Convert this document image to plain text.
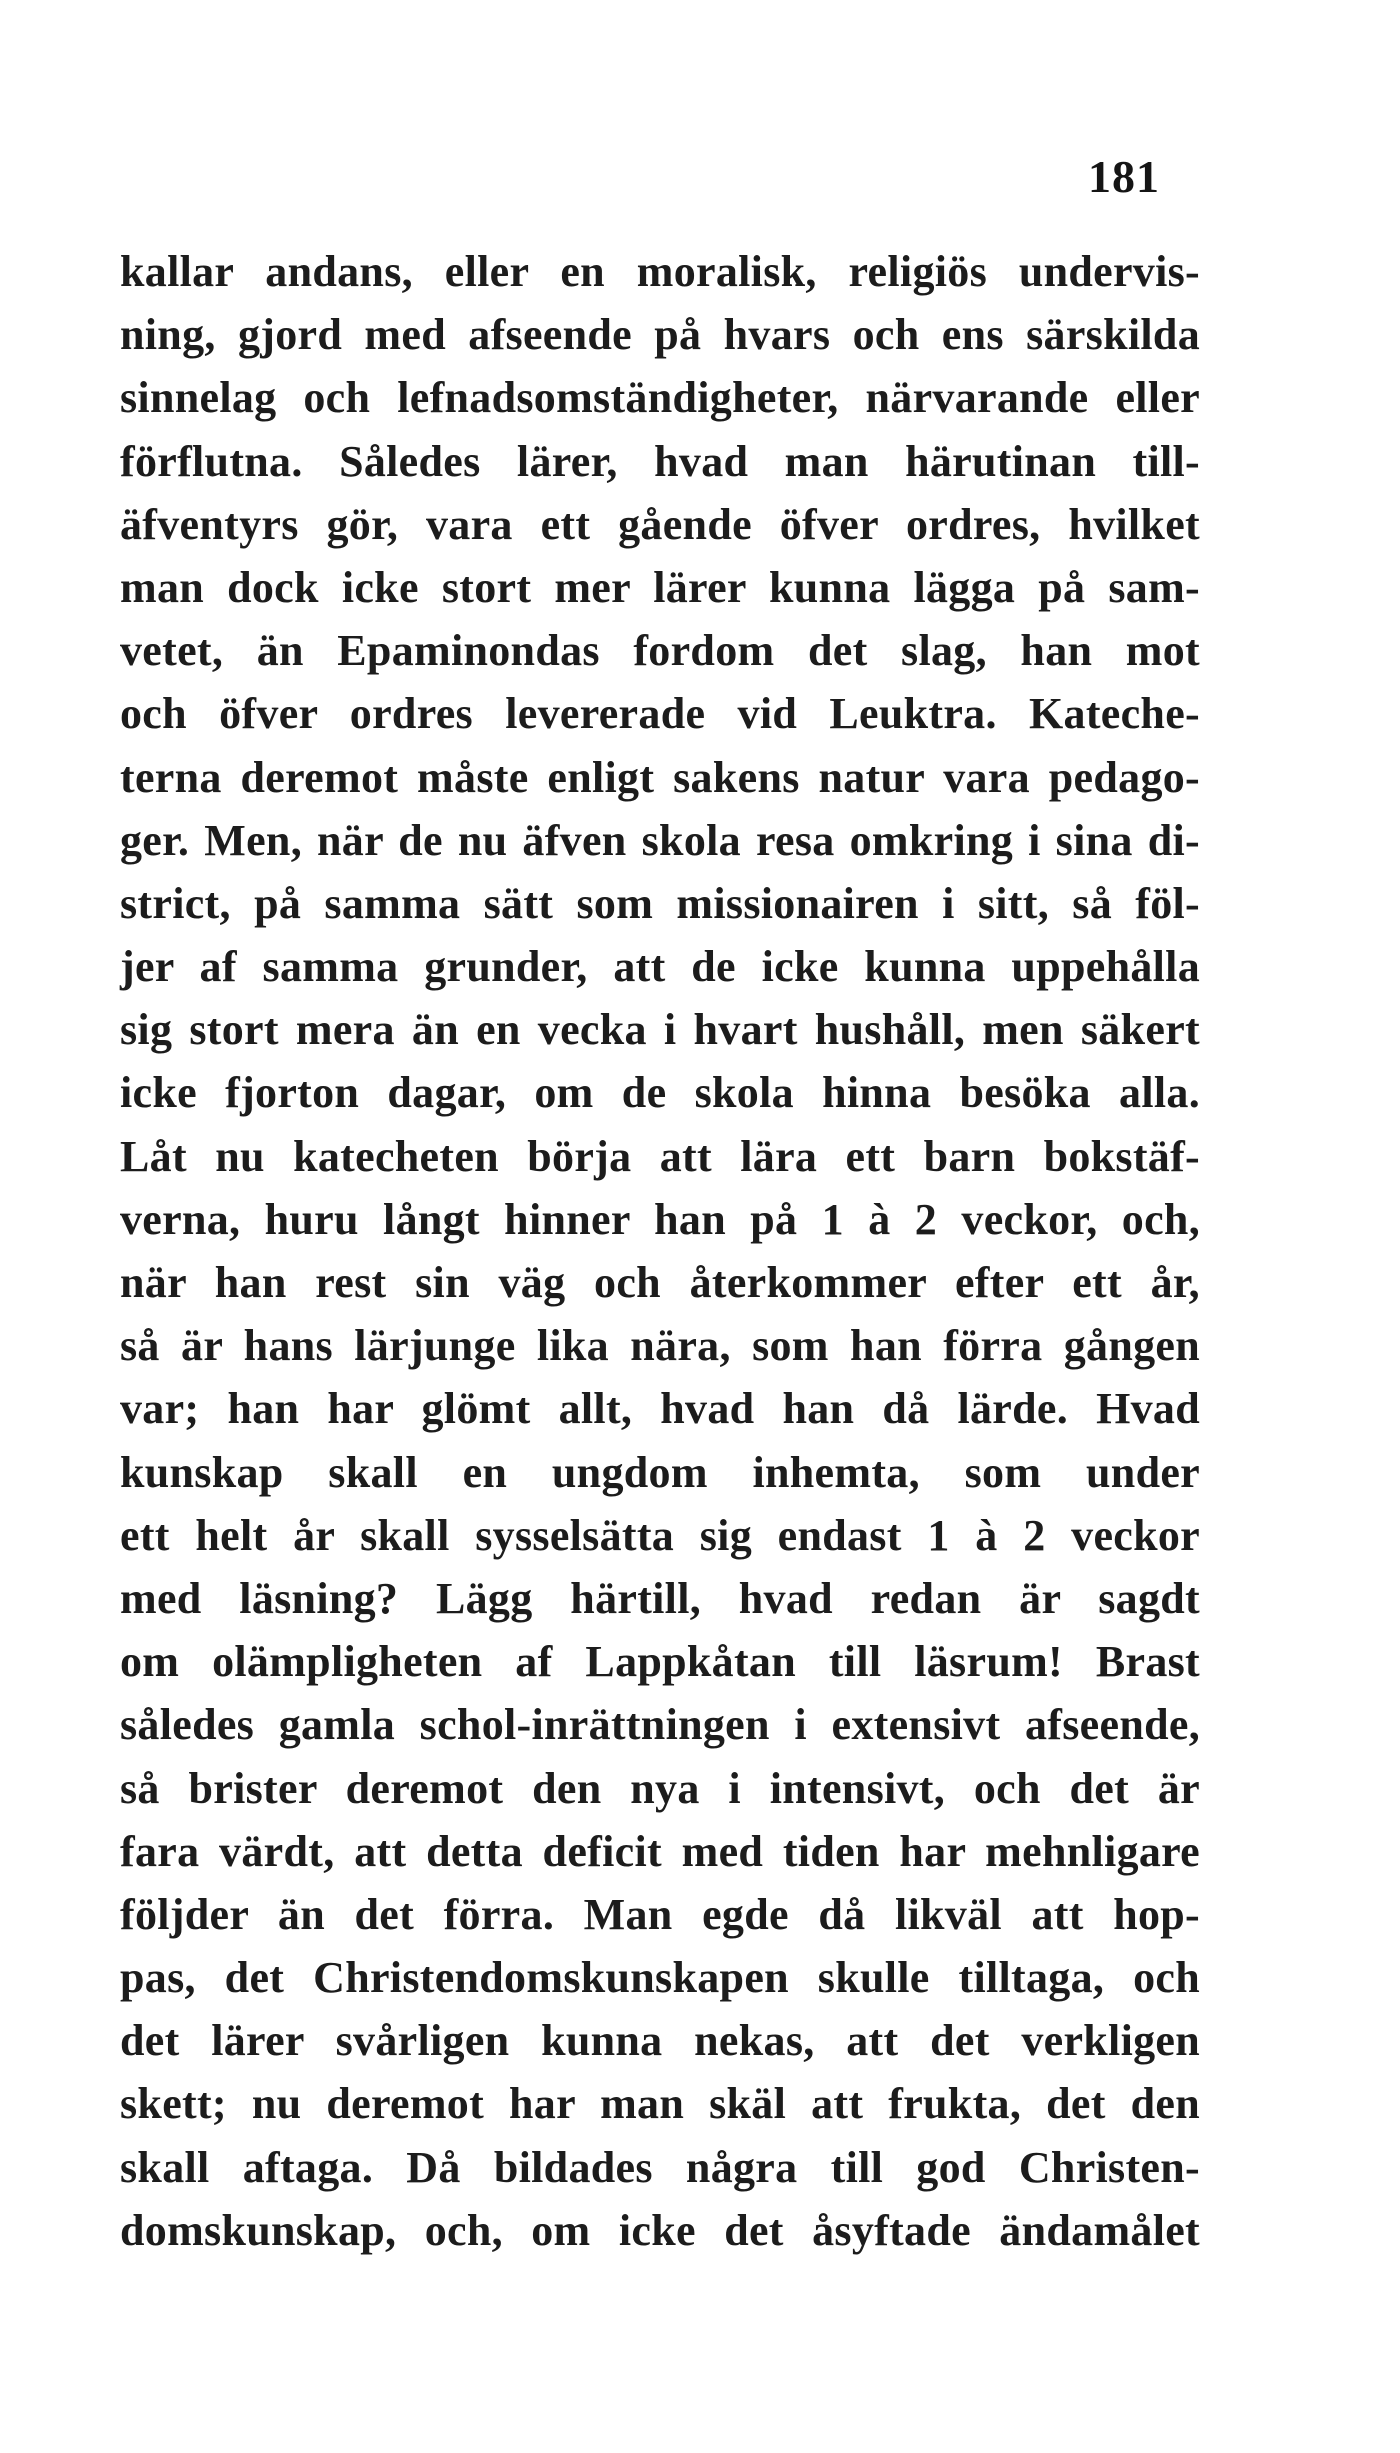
181
kallar andans, eller en moralisk, religiös undervis-
ning, gjord med afseende på hvars och ens särskilda
sinnelag och lefnadsomständigheter, närvarande eller
förflutna. Således lärer, hvad man härutinan till-
äfventyrs gör, vara ett gående öfver ordres, hvilket
man dock icke stort mer lärer kunna lägga på sam-
vetet, än Epaminondas fordom det slag, han mot
och öfver ordres levererade vid Leuktra. Kateche-
terna deremot måste enligt sakens natur vara pedago-
ger. Men, när de nu äfven skola resa omkring i sina di-
strict, på samma sätt som missionairen i sitt, så föl-
jer af samma grunder, att de icke kunna uppehålla
sig stort mera än en vecka i hvart hushåll, men säkert
icke fjorton dagar, om de skola hinna besöka alla.
Låt nu katecheten börja att lära ett barn bokstäf-
verna, huru långt hinner han på 1 à 2 veckor, och,
när han rest sin väg och återkommer efter ett år,
så är hans lärjunge lika nära, som han förra gången
var; han har glömt allt, hvad han då lärde. Hvad
kunskap skall en ungdom inhemta, som under
ett helt år skall sysselsätta sig endast 1 à 2 veckor
med läsning? Lägg härtill, hvad redan är sagdt
om olämpligheten af Lappkåtan till läsrum! Brast
således gamla schol-inrättningen i extensivt afseende,
så brister deremot den nya i intensivt, och det är
fara värdt, att detta deficit med tiden har mehnligare
följder än det förra. Man egde då likväl att hop-
pas, det Christendomskunskapen skulle tilltaga, och
det lärer svårligen kunna nekas, att det verkligen
skett; nu deremot har man skäl att frukta, det den
skall aftaga. Då bildades några till god Christen-
domskunskap, och, om icke det åsyftade ändamålet
